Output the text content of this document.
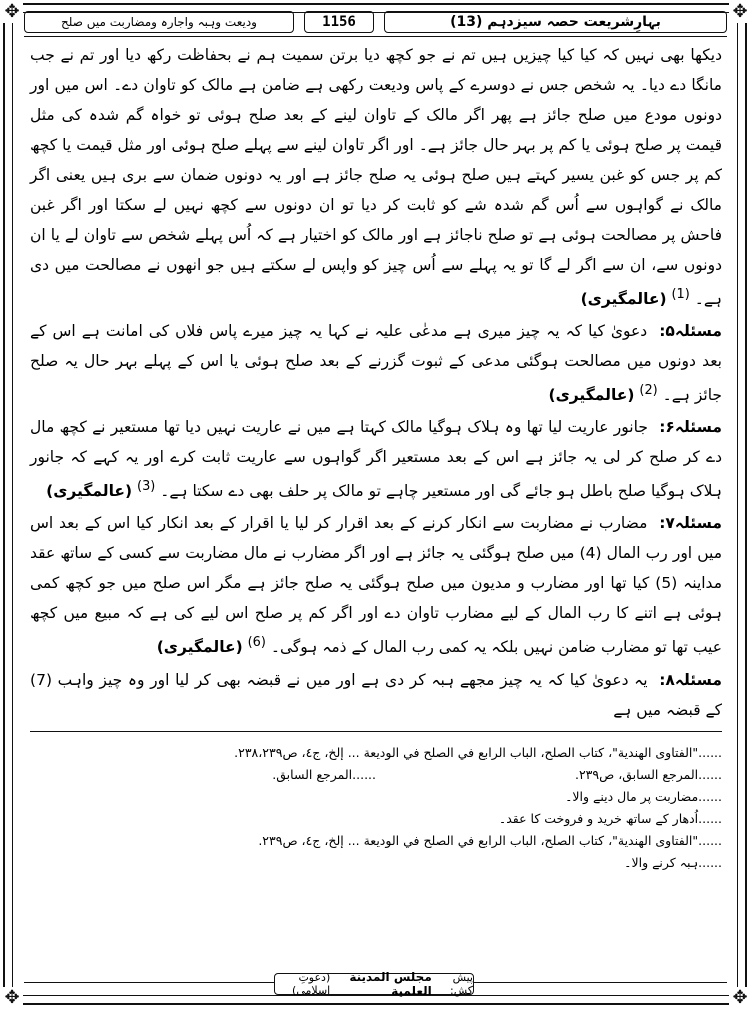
✥	✥
✥	✥
ودیعت وہبہ واجارہ ومضاربت میں صلح	1156	بہارِشریعت حصہ سیزدہم (13)

دیکھا بھی نہیں کہ کیا کیا چیزیں ہیں تم نے جو کچھ دیا برتن سمیت ہم نے بحفاظت رکھ دیا اور تم نے جب مانگا دے دیا۔ یہ شخص جس نے دوسرے کے پاس ودیعت رکھی ہے ضامن ہے مالک کو تاوان دے۔ اس میں اور دونوں مودع میں صلح جائز ہے پھر اگر مالک کے تاوان لینے کے بعد صلح ہوئی تو خواہ گم شدہ کی مثل قیمت پر صلح ہوئی یا کم پر بہر حال جائز ہے۔ اور اگر تاوان لینے سے پہلے صلح ہوئی اور مثل قیمت یا کچھ کم پر جس کو غبن یسیر کہتے ہیں صلح ہوئی یہ صلح جائز ہے اور یہ دونوں ضمان سے بری ہیں یعنی اگر مالک نے گواہوں سے اُس گم شدہ شے کو ثابت کر دیا تو ان دونوں سے کچھ نہیں لے سکتا اور اگر غبن فاحش پر مصالحت ہوئی ہے تو صلح ناجائز ہے اور مالک کو اختیار ہے کہ اُس پہلے شخص سے تاوان لے یا ان دونوں سے، ان سے اگر لے گا تو یہ پہلے سے اُس چیز کو واپس لے سکتے ہیں جو انھوں نے مصالحت میں دی ہے۔ $^{(1)}$ (عالمگیری)

مسئلہ۵: دعویٰ کیا کہ یہ چیز میری ہے مدعٰی علیہ نے کہا یہ چیز میرے پاس فلاں کی امانت ہے اس کے بعد دونوں میں مصالحت ہوگئی مدعی کے ثبوت گزرنے کے بعد صلح ہوئی یا اس کے پہلے بہر حال یہ صلح جائز ہے۔ $^{(2)}$ (عالمگیری)

مسئلہ۶: جانور عاریت لیا تھا وہ ہلاک ہوگیا مالک کہتا ہے میں نے عاریت نہیں دیا تھا مستعیر نے کچھ مال دے کر صلح کر لی یہ جائز ہے اس کے بعد مستعیر اگر گواہوں سے عاریت ثابت کرے اور یہ کہے کہ جانور ہلاک ہوگیا صلح باطل ہو جائے گی اور مستعیر چاہے تو مالک پر حلف بھی دے سکتا ہے۔ $^{(3)}$ (عالمگیری)

مسئلہ۷: مضارب نے مضاربت سے انکار کرنے کے بعد اقرار کر لیا یا اقرار کے بعد انکار کیا اس کے بعد اس میں اور رب المال (4) میں صلح ہوگئی یہ جائز ہے اور اگر مضارب نے مال مضاربت سے کسی کے ساتھ عقد مداینہ (5) کیا تھا اور مضارب و مدیون میں صلح ہوگئی یہ صلح جائز ہے مگر اس صلح میں جو کچھ کمی ہوئی ہے اتنے کا رب المال کے لیے مضارب تاوان دے اور اگر کم پر صلح اس لیے کی ہے کہ مبیع میں کچھ عیب تھا تو مضارب ضامن نہیں بلکہ یہ کمی رب المال کے ذمہ ہوگی۔ $^{(6)}$ (عالمگیری)

مسئلہ۸: یہ دعویٰ کیا کہ یہ چیز مجھے ہبہ کر دی ہے اور میں نے قبضہ بھی کر لیا اور وہ چیز واہب (7) کے قبضہ میں ہے

......"الفتاوی الهندية"، كتاب الصلح، الباب الرابع في الصلح في الوديعة ... إلخ، ج٤، ص٢٣٨،٢٣٩.
......المرجع السابق، ص٢٣٩.
......المرجع السابق.
......مضاربت پر مال دینے والا۔
......اُدھار کے ساتھ خرید و فروخت کا عقد۔
......"الفتاوی الهندية"، كتاب الصلح، الباب الرابع في الصلح في الوديعة ... إلخ، ج٤، ص٢٣٩.
......ہبہ کرنے والا۔
پیش کش:
مجلس المدينة العلمية
(دعوتِ اسلامی)
